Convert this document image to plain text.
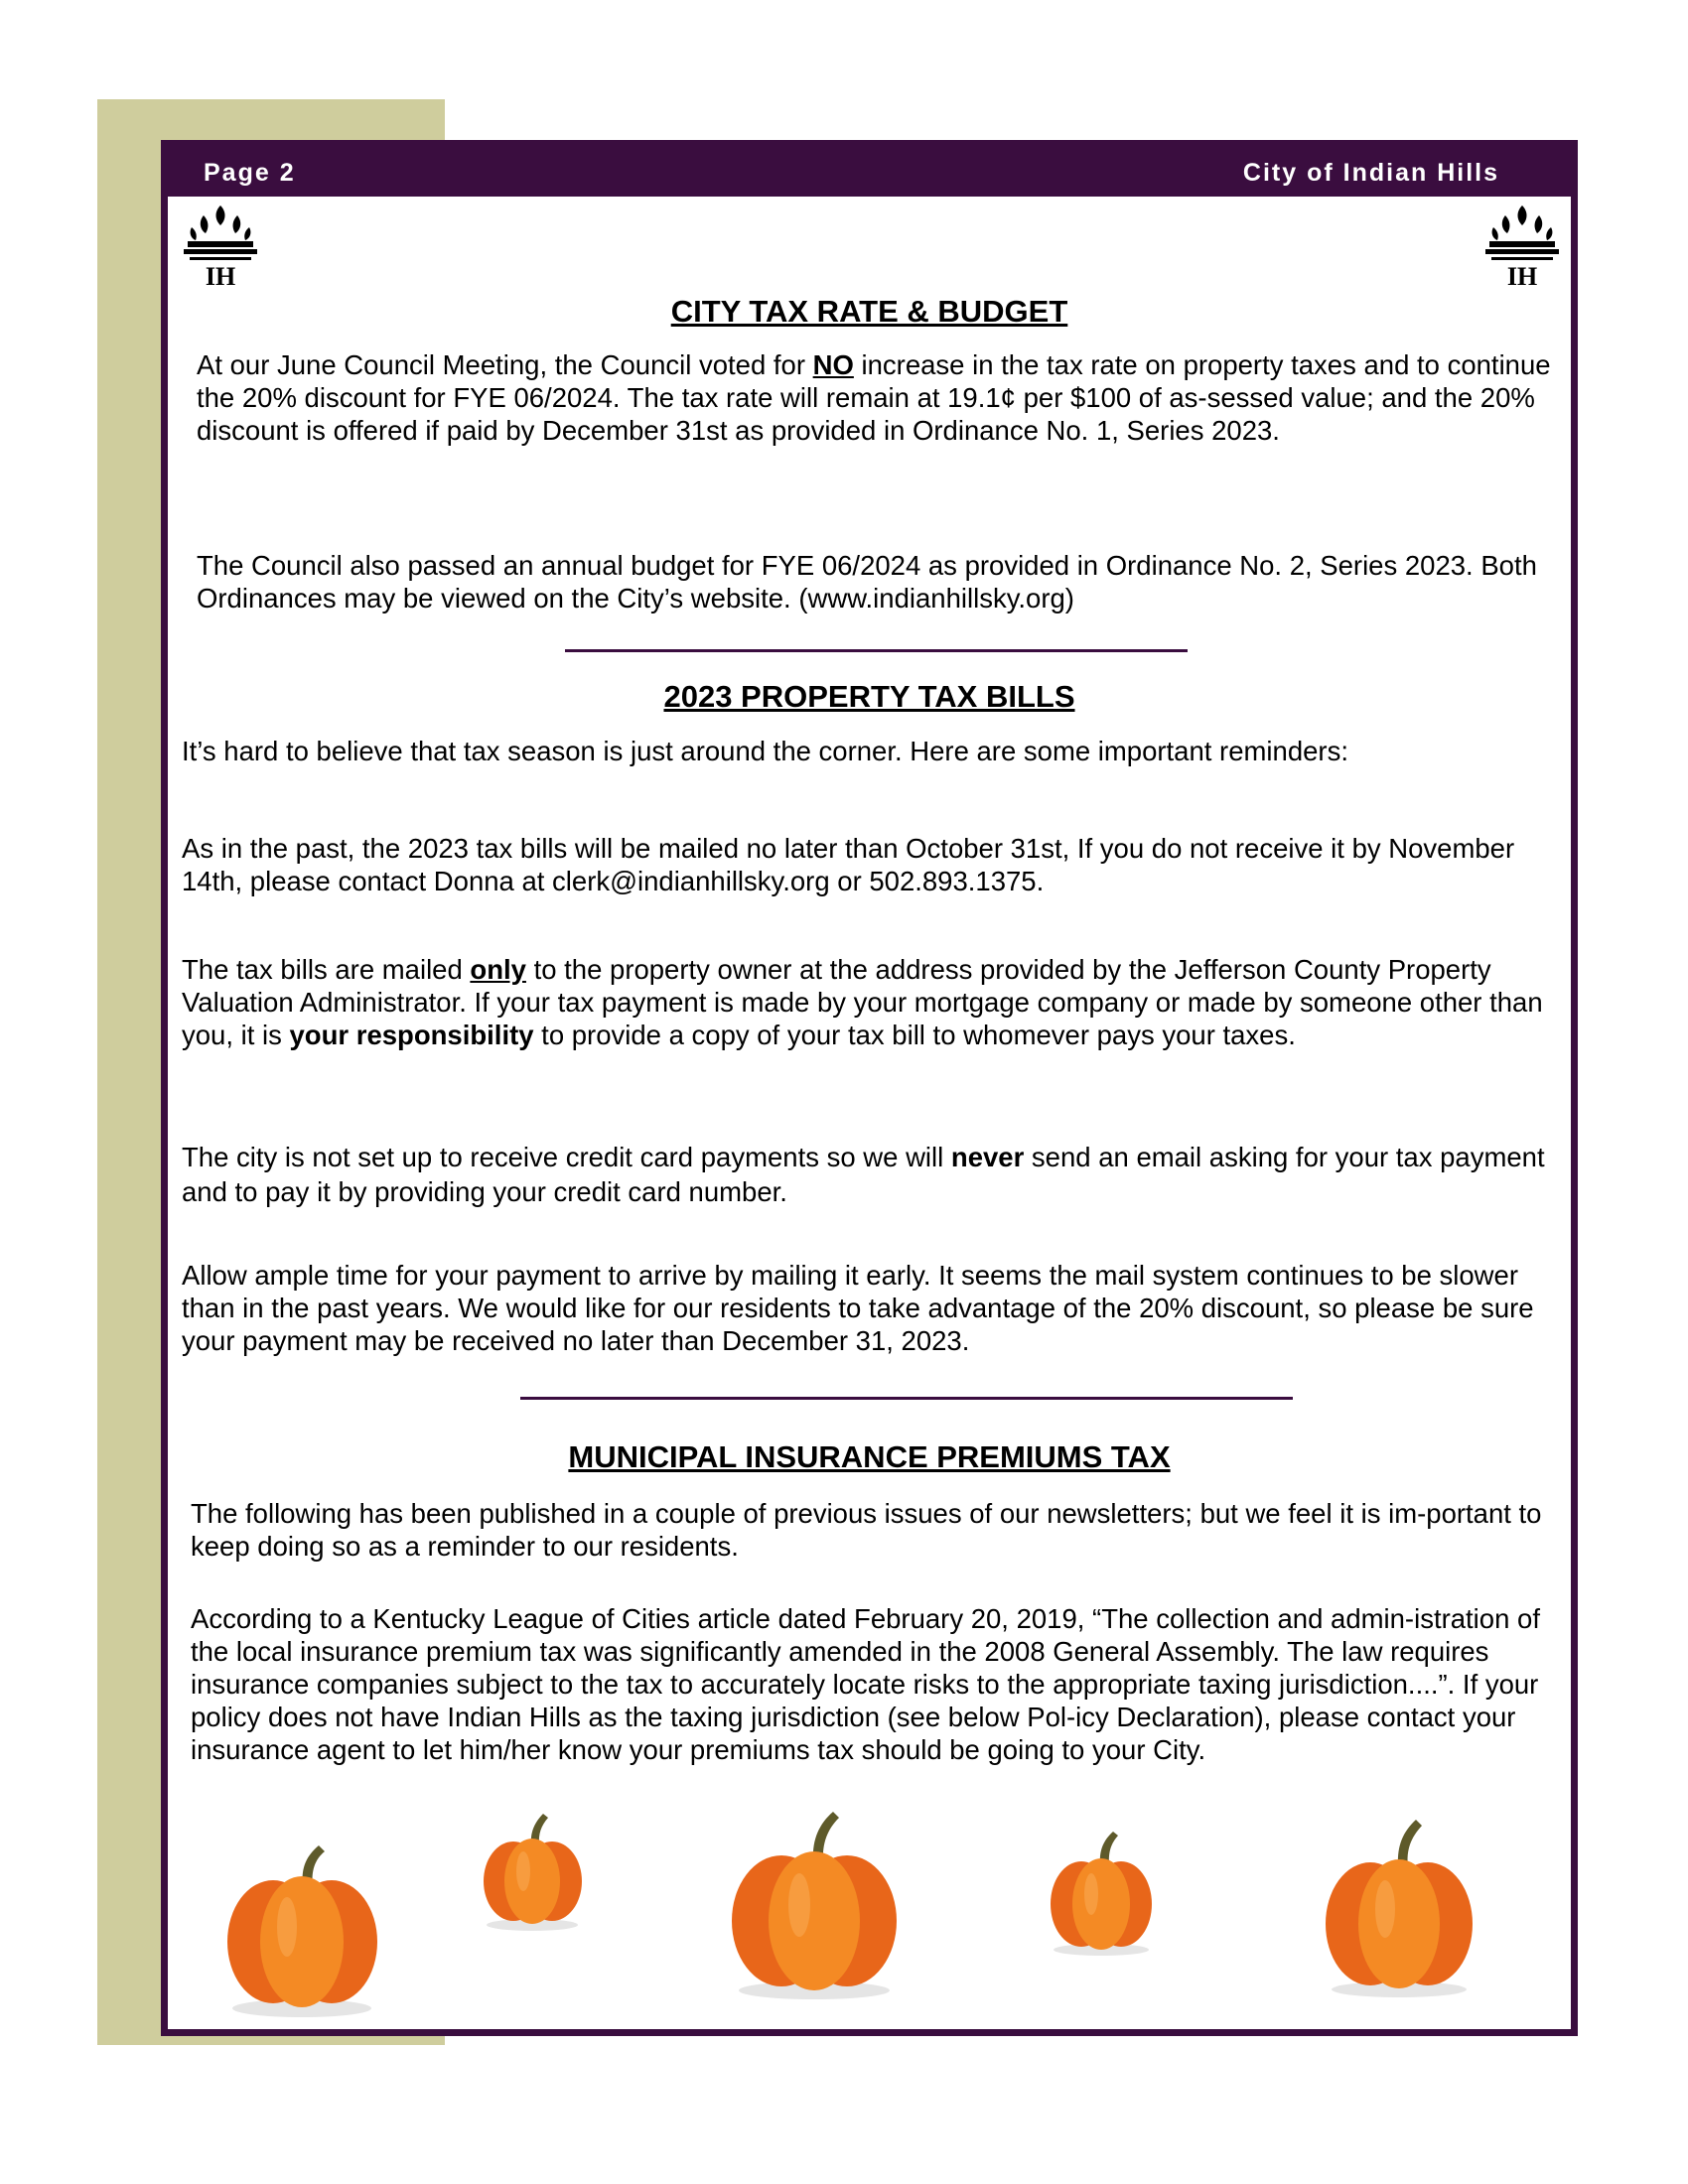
Page 2	City of Indian Hills
IH	IH
CITY TAX RATE & BUDGET

At our June Council Meeting, the Council voted for NO increase in the tax rate on property taxes and to continue the 20% discount for FYE 06/2024. The tax rate will remain at 19.1¢ per $100 of as-sessed value; and the 20% discount is offered if paid by December 31st as provided in Ordinance No. 1, Series 2023.

The Council also passed an annual budget for FYE 06/2024 as provided in Ordinance No. 2, Series 2023. Both Ordinances may be viewed on the City’s website. (www.indianhillsky.org)

2023 PROPERTY TAX BILLS

It’s hard to believe that tax season is just around the corner. Here are some important reminders:

As in the past, the 2023 tax bills will be mailed no later than October 31st, If you do not receive it by November 14th, please contact Donna at clerk@indianhillsky.org or 502.893.1375.

The tax bills are mailed only to the property owner at the address provided by the Jefferson County Property Valuation Administrator. If your tax payment is made by your mortgage company or made by someone other than you, it is your responsibility to provide a copy of your tax bill to whomever pays your taxes.

The city is not set up to receive credit card payments so we will never send an email asking for your tax payment and to pay it by providing your credit card number.

Allow ample time for your payment to arrive by mailing it early. It seems the mail system continues to be slower than in the past years. We would like for our residents to take advantage of the 20% discount, so please be sure your payment may be received no later than December 31, 2023.

MUNICIPAL INSURANCE PREMIUMS TAX

The following has been published in a couple of previous issues of our newsletters; but we feel it is im-portant to keep doing so as a reminder to our residents.

According to a Kentucky League of Cities article dated February 20, 2019, “The collection and admin-istration of the local insurance premium tax was significantly amended in the 2008 General Assembly. The law requires insurance companies subject to the tax to accurately locate risks to the appropriate taxing jurisdiction....”. If your policy does not have Indian Hills as the taxing jurisdiction (see below Pol-icy Declaration), please contact your insurance agent to let him/her know your premiums tax should be going to your City.
